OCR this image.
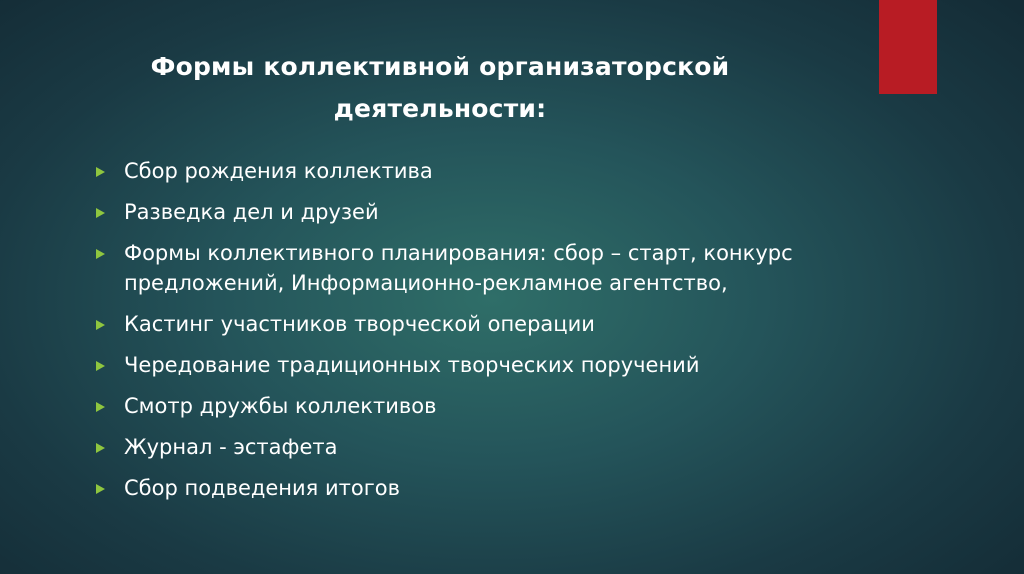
Формы коллективной организаторской
деятельности:
Сбор рождения коллектива
Разведка дел и друзей
Формы коллективного планирования: сбор – старт, конкурс предложений, Информационно-рекламное агентство,
Кастинг участников творческой операции
Чередование традиционных творческих поручений
Смотр дружбы коллективов
Журнал - эстафета
Сбор подведения итогов
